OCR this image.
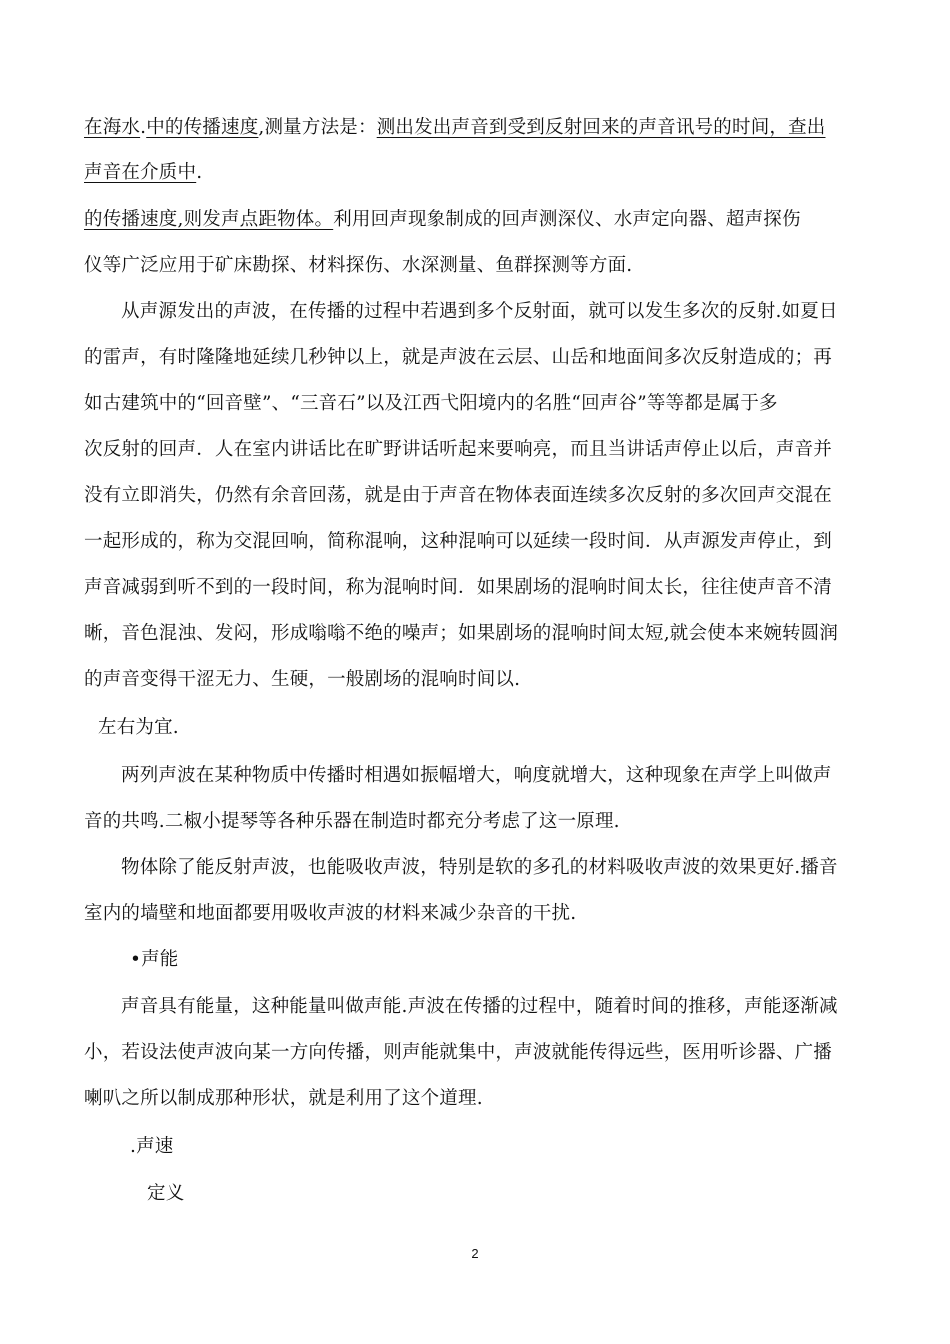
在海水.中的传播速度,测量方法是：测出发出声音到受到反射回来的声音讯号的时间，查出
声音在介质中.
的传播速度,则发声点距物体。利用回声现象制成的回声测深仪、水声定向器、超声探伤
仪等广泛应用于矿床勘探、材料探伤、水深测量、鱼群探测等方面.
从声源发出的声波，在传播的过程中若遇到多个反射面，就可以发生多次的反射.如夏日
的雷声，有时隆隆地延续几秒钟以上，就是声波在云层、山岳和地面间多次反射造成的；再
如古建筑中的“回音壁”、“三音石”以及江西弋阳境内的名胜“回声谷”等等都是属于多
次反射的回声．人在室内讲话比在旷野讲话听起来要响亮，而且当讲话声停止以后，声音并
没有立即消失，仍然有余音回荡，就是由于声音在物体表面连续多次反射的多次回声交混在
一起形成的，称为交混回响，简称混响，这种混响可以延续一段时间．从声源发声停止，到
声音减弱到听不到的一段时间，称为混响时间．如果剧场的混响时间太长，往往使声音不清
晰，音色混浊、发闷，形成嗡嗡不绝的噪声；如果剧场的混响时间太短,就会使本来婉转圆润
的声音变得干涩无力、生硬，一般剧场的混响时间以.
左右为宜.
两列声波在某种物质中传播时相遇如振幅增大，响度就增大，这种现象在声学上叫做声
音的共鸣.二椒小提琴等各种乐器在制造时都充分考虑了这一原理.
物体除了能反射声波，也能吸收声波，特别是软的多孔的材料吸收声波的效果更好.播音
室内的墙壁和地面都要用吸收声波的材料来减少杂音的干扰.
•声能
声音具有能量，这种能量叫做声能.声波在传播的过程中，随着时间的推移，声能逐渐减
小，若设法使声波向某一方向传播，则声能就集中，声波就能传得远些，医用听诊器、广播
喇叭之所以制成那种形状，就是利用了这个道理.
.声速
定义
2
